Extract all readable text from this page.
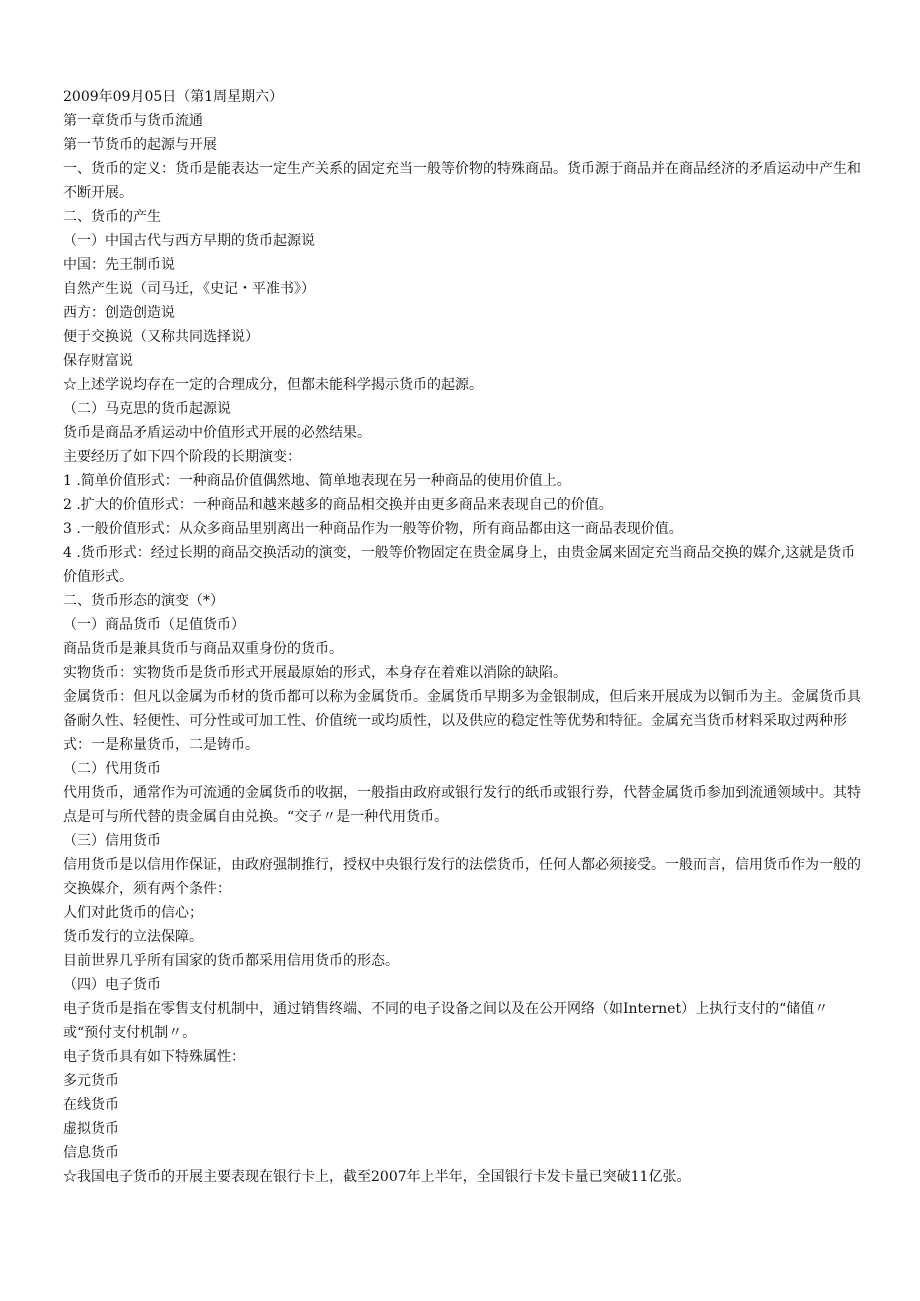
2009年09月05日（第1周星期六）

第一章货币与货币流通

第一节货币的起源与开展

一、货币的定义：货币是能表达一定生产关系的固定充当一般等价物的特殊商品。货币源于商品并在商品经济的矛盾运动中产生和不断开展。

二、货币的产生

（一）中国古代与西方早期的货币起源说

中国：先王制币说

自然产生说（司马迁，《史记・平准书》）

西方：创造创造说

便于交换说（又称共同选择说）

保存财富说

☆上述学说均存在一定的合理成分，但都未能科学揭示货币的起源。

（二）马克思的货币起源说

货币是商品矛盾运动中价值形式开展的必然结果。

主要经历了如下四个阶段的长期演变：

1 .简单价值形式：一种商品价值偶然地、简单地表现在另一种商品的使用价值上。

2 .扩大的价值形式：一种商品和越来越多的商品相交换并由更多商品来表现自己的价值。

3 .一般价值形式：从众多商品里别离出一种商品作为一般等价物，所有商品都由这一商品表现价值。

4 .货币形式：经过长期的商品交换活动的演变，一般等价物固定在贵金属身上，由贵金属来固定充当商品交换的媒介,这就是货币价值形式。

二、货币形态的演变（*）

（一）商品货币（足值货币）

商品货币是兼具货币与商品双重身份的货币。

实物货币：实物货币是货币形式开展最原始的形式，本身存在着难以消除的缺陷。

金属货币：但凡以金属为币材的货币都可以称为金属货币。金属货币早期多为金银制成，但后来开展成为以铜币为主。金属货币具备耐久性、轻便性、可分性或可加工性、价值统一或均质性，以及供应的稳定性等优势和特征。金属充当货币材料采取过两种形式：一是称量货币，二是铸币。

（二）代用货币

代用货币，通常作为可流通的金属货币的收据，一般指由政府或银行发行的纸币或银行券，代替金属货币参加到流通领域中。其特点是可与所代替的贵金属自由兑换。“交子〃是一种代用货币。

（三）信用货币

信用货币是以信用作保证，由政府强制推行，授权中央银行发行的法偿货币，任何人都必须接受。一般而言，信用货币作为一般的交换媒介，须有两个条件：

人们对此货币的信心；

货币发行的立法保障。

目前世界几乎所有国家的货币都采用信用货币的形态。

（四）电子货币

电子货币是指在零售支付机制中，通过销售终端、不同的电子设备之间以及在公开网络（如Internet）上执行支付的“储值〃或“预付支付机制〃。

电子货币具有如下特殊属性：

多元货币

在线货币

虚拟货币

信息货币

☆我国电子货币的开展主要表现在银行卡上，截至2007年上半年，全国银行卡发卡量已突破11亿张。
